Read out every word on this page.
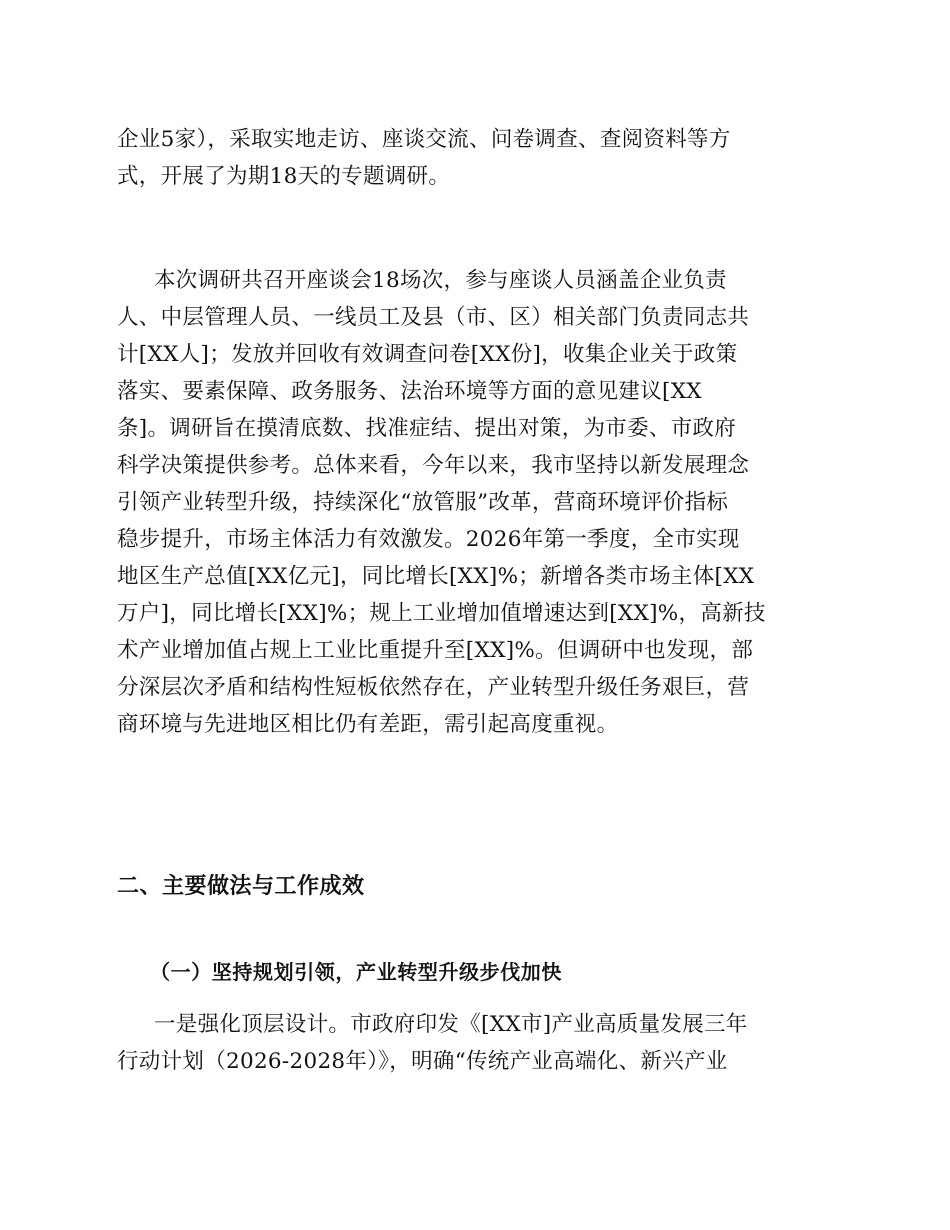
企业5家），采取实地走访、座谈交流、问卷调查、查阅资料等方
式，开展了为期18天的专题调研。
本次调研共召开座谈会18场次，参与座谈人员涵盖企业负责
人、中层管理人员、一线员工及县（市、区）相关部门负责同志共
计[XX人]；发放并回收有效调查问卷[XX份]，收集企业关于政策
落实、要素保障、政务服务、法治环境等方面的意见建议[XX
条]。调研旨在摸清底数、找准症结、提出对策，为市委、市政府
科学决策提供参考。总体来看，今年以来，我市坚持以新发展理念
引领产业转型升级，持续深化“放管服”改革，营商环境评价指标
稳步提升，市场主体活力有效激发。2026年第一季度，全市实现
地区生产总值[XX亿元]，同比增长[XX]%；新增各类市场主体[XX
万户]，同比增长[XX]%；规上工业增加值增速达到[XX]%，高新技
术产业增加值占规上工业比重提升至[XX]%。但调研中也发现，部
分深层次矛盾和结构性短板依然存在，产业转型升级任务艰巨，营
商环境与先进地区相比仍有差距，需引起高度重视。
二、主要做法与工作成效
（一）坚持规划引领，产业转型升级步伐加快
一是强化顶层设计。市政府印发《[XX市]产业高质量发展三年
行动计划（2026-2028年）》，明确“传统产业高端化、新兴产业
